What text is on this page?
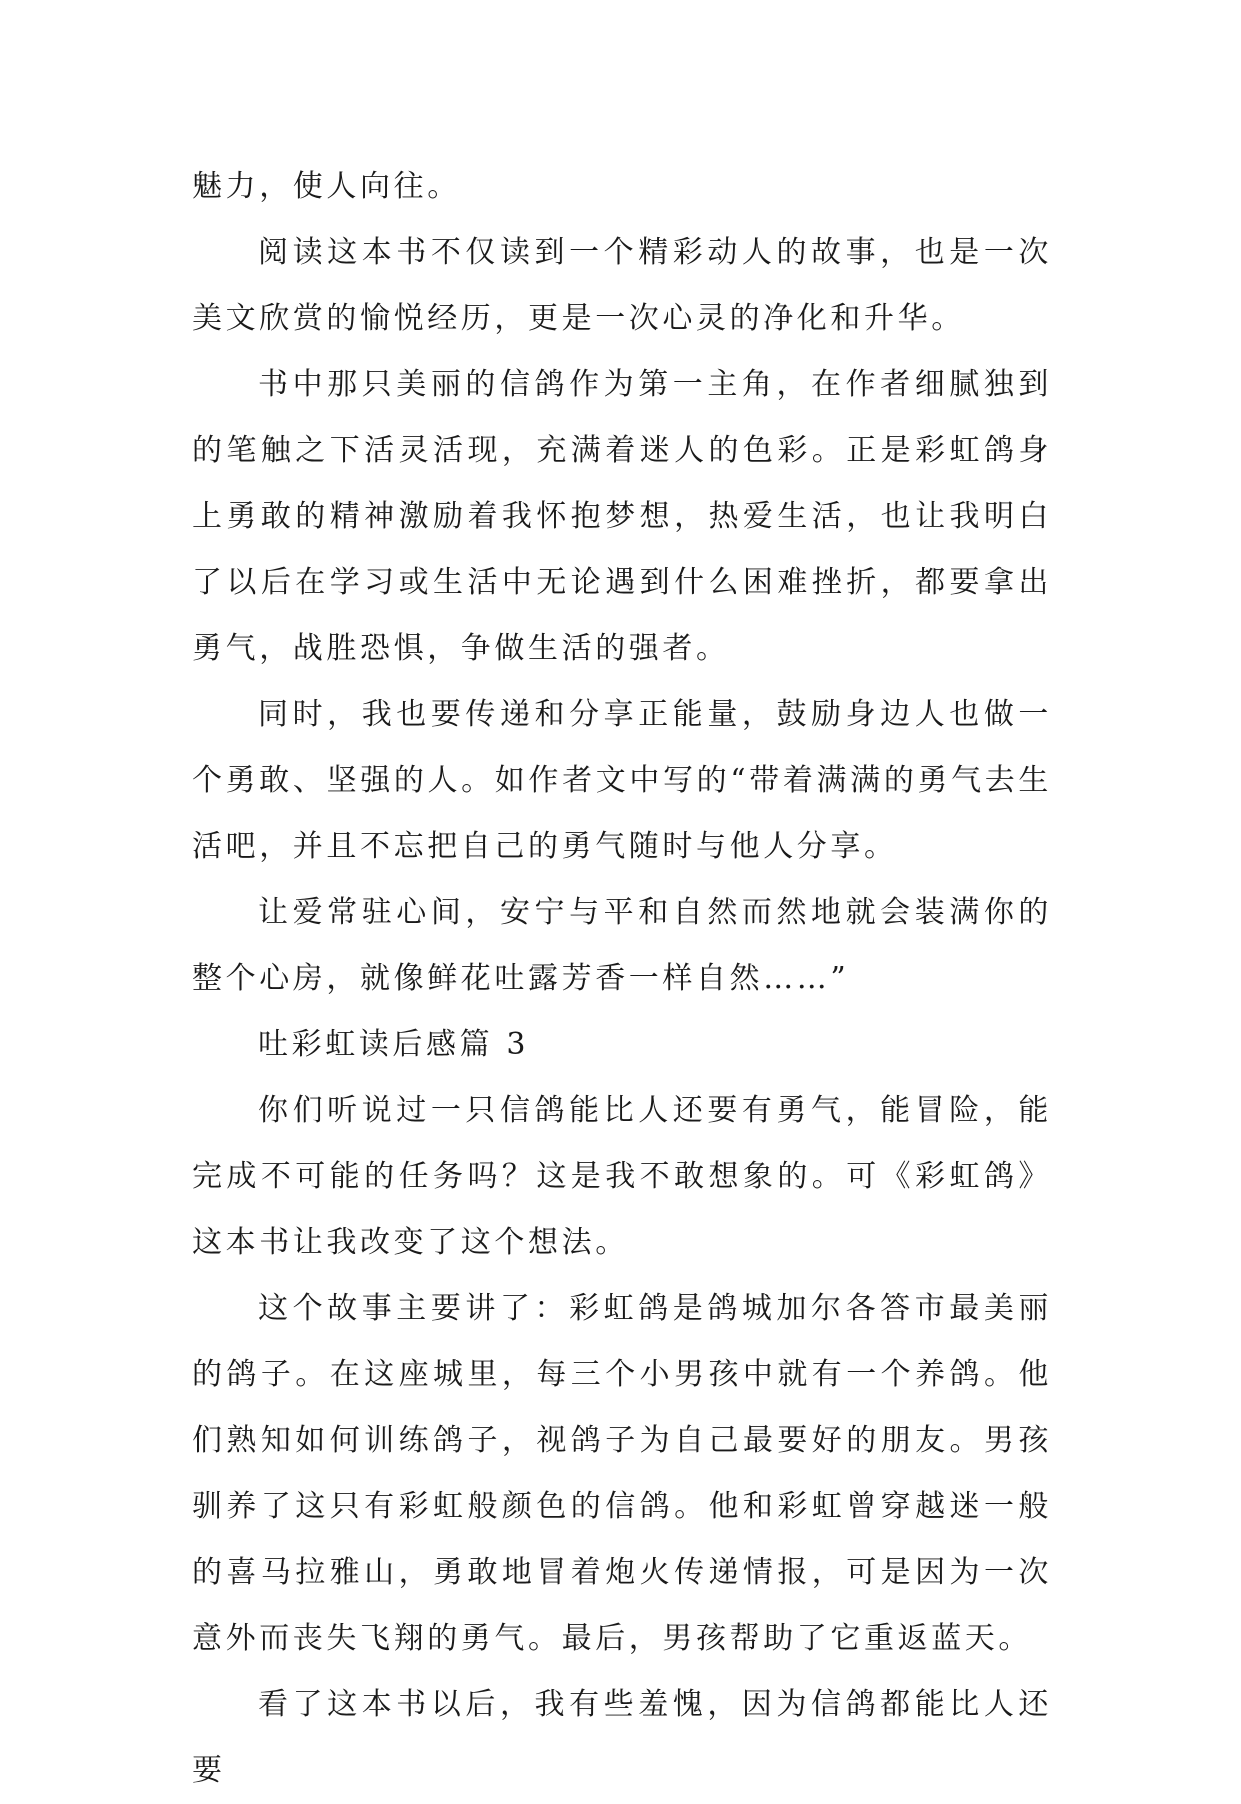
魅力，使人向往。

阅读这本书不仅读到一个精彩动人的故事，也是一次美文欣赏的愉悦经历，更是一次心灵的净化和升华。

书中那只美丽的信鸽作为第一主角，在作者细腻独到的笔触之下活灵活现，充满着迷人的色彩。正是彩虹鸽身上勇敢的精神激励着我怀抱梦想，热爱生活，也让我明白了以后在学习或生活中无论遇到什么困难挫折，都要拿出勇气，战胜恐惧，争做生活的强者。

同时，我也要传递和分享正能量，鼓励身边人也做一个勇敢、坚强的人。如作者文中写的“带着满满的勇气去生活吧，并且不忘把自己的勇气随时与他人分享。

让爱常驻心间，安宁与平和自然而然地就会装满你的整个心房，就像鲜花吐露芳香一样自然……”

吐彩虹读后感篇 3

你们听说过一只信鸽能比人还要有勇气，能冒险，能完成不可能的任务吗？这是我不敢想象的。可《彩虹鸽》这本书让我改变了这个想法。

这个故事主要讲了：彩虹鸽是鸽城加尔各答市最美丽的鸽子。在这座城里，每三个小男孩中就有一个养鸽。他们熟知如何训练鸽子，视鸽子为自己最要好的朋友。男孩驯养了这只有彩虹般颜色的信鸽。他和彩虹曾穿越迷一般的喜马拉雅山，勇敢地冒着炮火传递情报，可是因为一次意外而丧失飞翔的勇气。最后，男孩帮助了它重返蓝天。

看了这本书以后，我有些羞愧，因为信鸽都能比人还要
